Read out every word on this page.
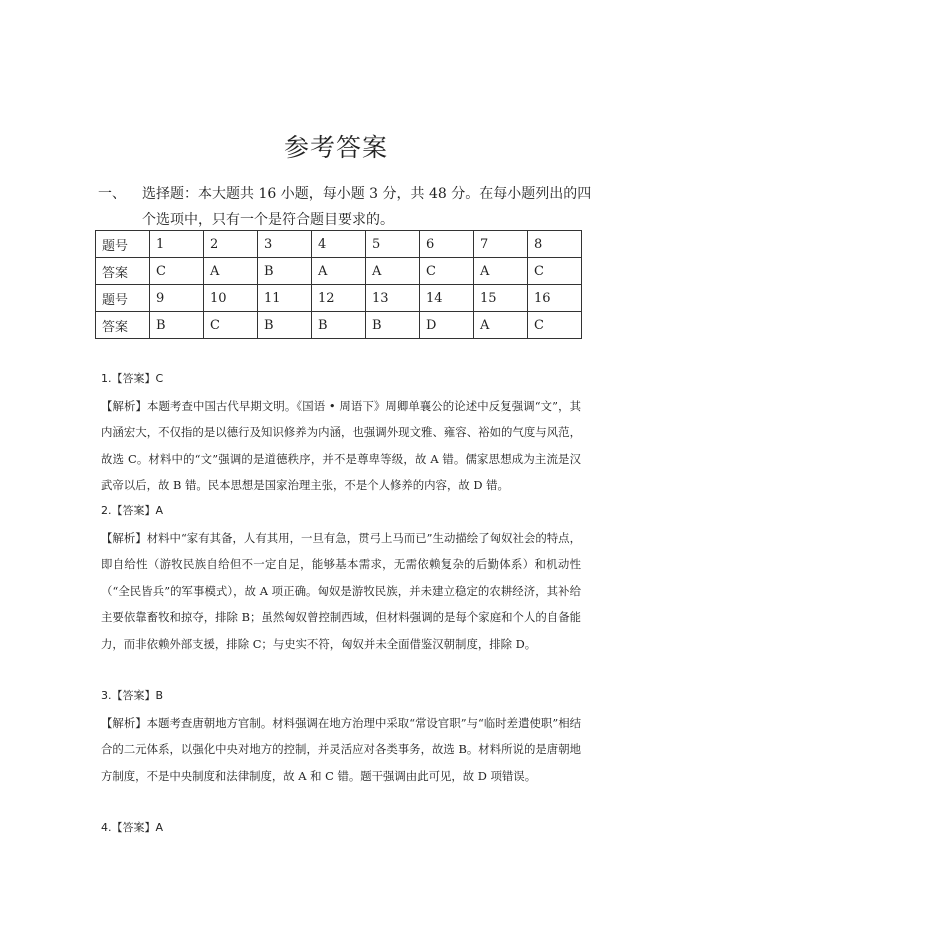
参考答案
一、 选择题：本大题共 16 小题，每小题 3 分，共 48 分。在每小题列出的四
个选项中，只有一个是符合题目要求的。
题号	1	2	3	4	5	6	7	8
答案	C	A	B	A	A	C	A	C
题号	9	10	11	12	13	14	15	16
答案	B	C	B	B	B	D	A	C
1.【答案】C

【解析】本题考查中国古代早期文明。《国语 • 周语下》周卿单襄公的论述中反复强调“文”，其内涵宏大，不仅指的是以德行及知识修养为内涵，也强调外现文雅、雍容、裕如的气度与风范，故选 C。材料中的“文”强调的是道德秩序，并不是尊卑等级，故 A 错。儒家思想成为主流是汉武帝以后，故 B 错。民本思想是国家治理主张，不是个人修养的内容，故 D 错。

2.【答案】A

【解析】材料中“家有其备，人有其用，一旦有急，贯弓上马而已”生动描绘了匈奴社会的特点，即自给性（游牧民族自给但不一定自足，能够基本需求，无需依赖复杂的后勤体系）和机动性（“全民皆兵”的军事模式），故 A 项正确。匈奴是游牧民族，并未建立稳定的农耕经济，其补给主要依靠畜牧和掠夺，排除 B；虽然匈奴曾控制西域，但材料强调的是每个家庭和个人的自备能力，而非依赖外部支援，排除 C；与史实不符，匈奴并未全面借鉴汉朝制度，排除 D。

3.【答案】B

【解析】本题考查唐朝地方官制。材料强调在地方治理中采取“常设官职”与“临时差遣使职”相结合的二元体系，以强化中央对地方的控制，并灵活应对各类事务，故选 B。材料所说的是唐朝地方制度，不是中央制度和法律制度，故 A 和 C 错。题干强调由此可见，故 D 项错误。

4.【答案】A
